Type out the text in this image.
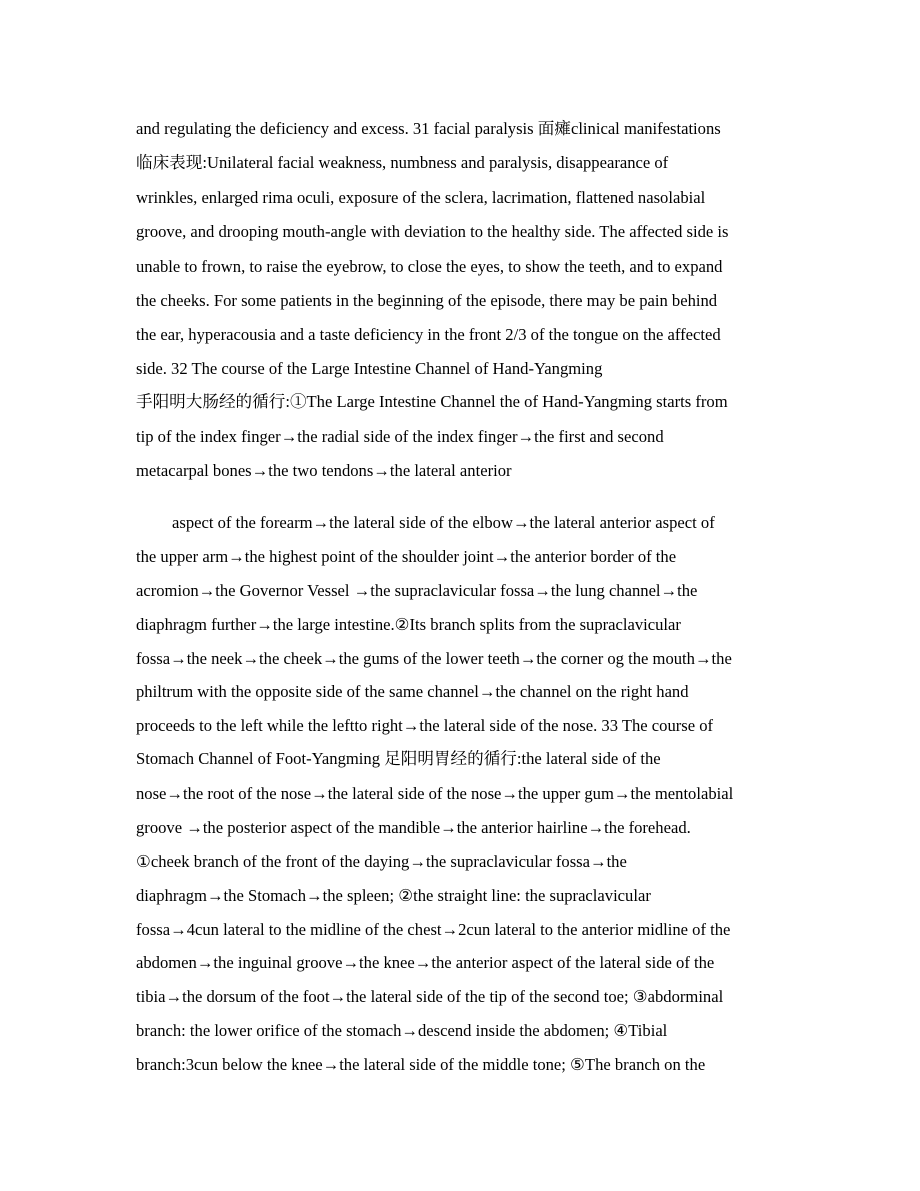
and regulating the deficiency and excess. 31 facial paralysis 面瘫clinical manifestations
临床表现:Unilateral facial weakness, numbness and paralysis, disappearance of
wrinkles, enlarged rima oculi, exposure of the sclera, lacrimation, flattened nasolabial
groove, and drooping mouth-angle with deviation to the healthy side. The affected side is
unable to frown, to raise the eyebrow, to close the eyes, to show the teeth, and to expand
the cheeks. For some patients in the beginning of the episode, there may be pain behind
the ear, hyperacousia and a taste deficiency in the front 2/3 of the tongue on the affected
side. 32 The course of the Large Intestine Channel of Hand-Yangming
手阳明大肠经的循行:①The Large Intestine Channel the of Hand-Yangming starts from
tip of the index finger→the radial side of the index finger→the first and second
metacarpal bones→the two tendons→the lateral anterior
aspect of the forearm→the lateral side of the elbow→the lateral anterior aspect of
the upper arm→the highest point of the shoulder joint→the anterior border of the
acromion→the Governor Vessel →the supraclavicular fossa→the lung channel→the
diaphragm further→the large intestine.②Its branch splits from the supraclavicular
fossa→the neek→the cheek→the gums of the lower teeth→the corner og the mouth→the
philtrum with the opposite side of the same channel→the channel on the right hand
proceeds to the left while the leftto right→the lateral side of the nose. 33 The course of
Stomach Channel of Foot-Yangming 足阳明胃经的循行:the lateral side of the
nose→the root of the nose→the lateral side of the nose→the upper gum→the mentolabial
groove →the posterior aspect of the mandible→the anterior hairline→the forehead.
①cheek branch of the front of the daying→the supraclavicular fossa→the
diaphragm→the Stomach→the spleen; ②the straight line: the supraclavicular
fossa→4cun lateral to the midline of the chest→2cun lateral to the anterior midline of the
abdomen→the inguinal groove→the knee→the anterior aspect of the lateral side of the
tibia→the dorsum of the foot→the lateral side of the tip of the second toe; ③abdorminal
branch: the lower orifice of the stomach→descend inside the abdomen; ④Tibial
branch:3cun below the knee→the lateral side of the middle tone; ⑤The branch on the
